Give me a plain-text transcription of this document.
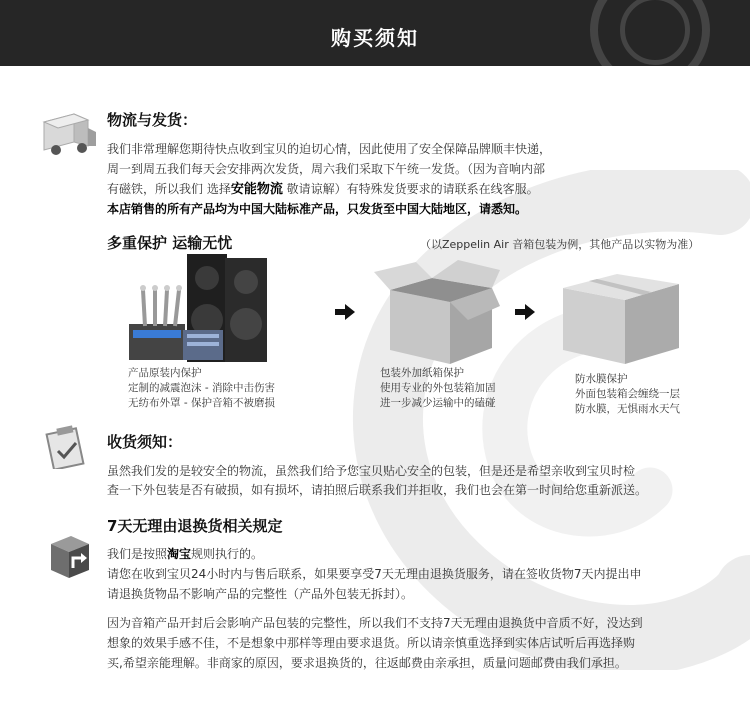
购买须知
物流与发货：
我们非常理解您期待快点收到宝贝的迫切心情，因此使用了安全保障品牌顺丰快递，
周一到周五我们每天会安排两次发货，周六我们采取下午统一发货。（因为音响内部
有磁铁，所以我们 选择安能物流 敬请谅解）有特殊发货要求的请联系在线客服。
本店销售的所有产品均为中国大陆标准产品，只发货至中国大陆地区，请悉知。
多重保护 运输无忧	（以Zeppelin Air 音箱包装为例，其他产品以实物为准）
包装外加纸箱保护
使用专业的外包装箱加固
进一步减少运输中的磕碰
防水膜保护
外面包装箱会缠绕一层
防水膜，无惧雨水天气
产品原装内保护
定制的减震泡沫 - 消除中击伤害
无纺布外罩 - 保护音箱不被磨损
收货须知：
虽然我们发的是较安全的物流，虽然我们给予您宝贝贴心安全的包装，但是还是希望亲收到宝贝时检
查一下外包装是否有破损，如有损坏，请拍照后联系我们并拒收，我们也会在第一时间给您重新派送。
7天无理由退换货相关规定
我们是按照淘宝规则执行的。
请您在收到宝贝24小时内与售后联系，如果要享受7天无理由退换货服务，请在签收货物7天内提出申
请退换货物品不影响产品的完整性（产品外包装无拆封）。
因为音箱产品开封后会影响产品包装的完整性，所以我们不支持7天无理由退换货中音质不好，没达到
想象的效果手感不佳，不是想象中那样等理由要求退货。所以请亲慎重选择到实体店试听后再选择购
买,希望亲能理解。非商家的原因，要求退换货的，往返邮费由亲承担，质量问题邮费由我们承担。
